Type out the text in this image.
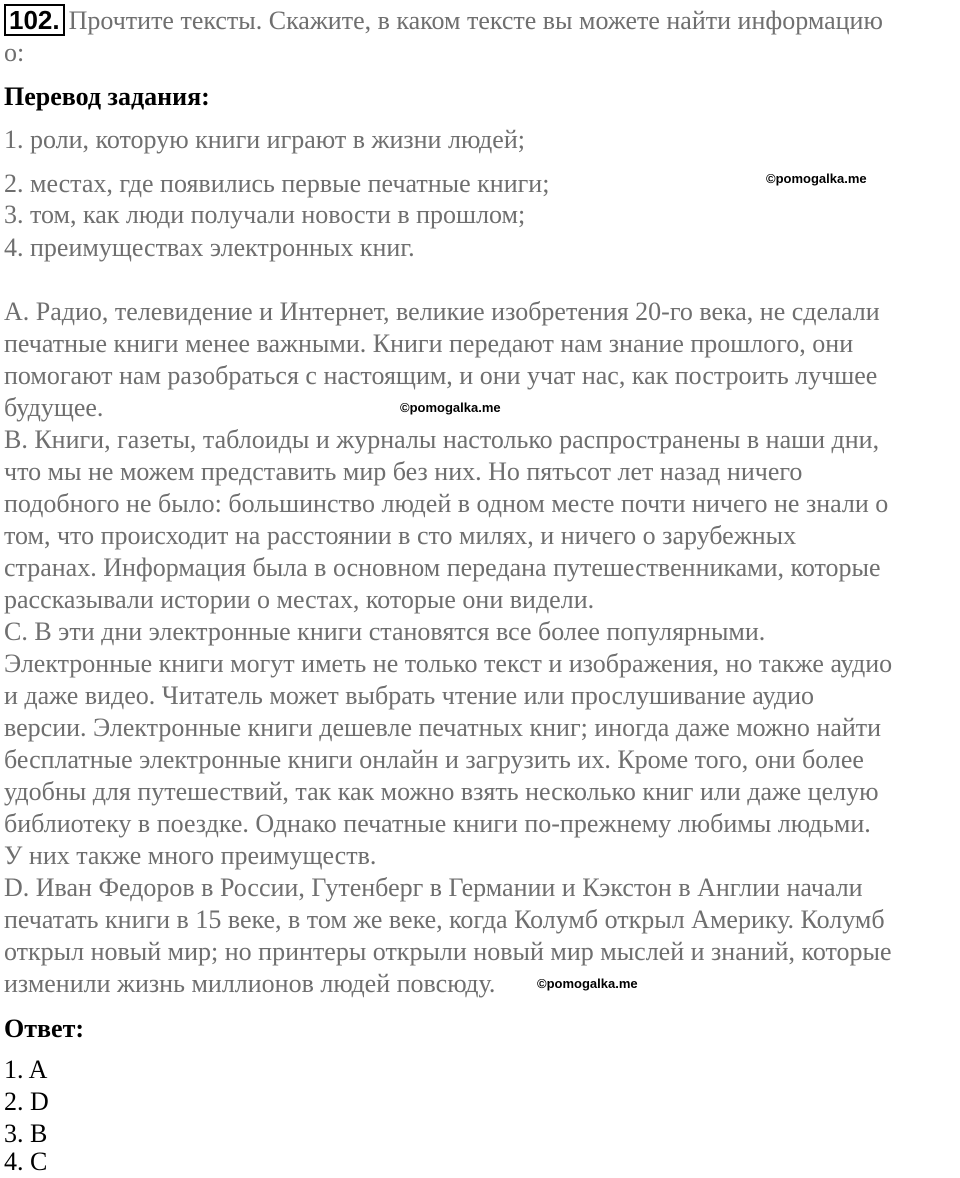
102. Прочтите тексты. Скажите, в каком тексте вы можете найти информацию
о:
Перевод задания:
1. роли, которую книги играют в жизни людей;
2. местах, где появились первые печатные книги;
3. том, как люди получали новости в прошлом;
4. преимуществах электронных книг.
©pomogalka.me
А. Радио, телевидение и Интернет, великие изобретения 20-го века, не сделали
печатные книги менее важными. Книги передают нам знание прошлого, они
помогают нам разобраться с настоящим, и они учат нас, как построить лучшее
будущее.	©pomogalka.me
B. Книги, газеты, таблоиды и журналы настолько распространены в наши дни,
что мы не можем представить мир без них. Но пятьсот лет назад ничего
подобного не было: большинство людей в одном месте почти ничего не знали о
том, что происходит на расстоянии в сто милях, и ничего о зарубежных
странах. Информация была в основном передана путешественниками, которые
рассказывали истории о местах, которые они видели.
C. В эти дни электронные книги становятся все более популярными.
Электронные книги могут иметь не только текст и изображения, но также аудио
и даже видео. Читатель может выбрать чтение или прослушивание аудио
версии. Электронные книги дешевле печатных книг; иногда даже можно найти
бесплатные электронные книги онлайн и загрузить их. Кроме того, они более
удобны для путешествий, так как можно взять несколько книг или даже целую
библиотеку в поездке. Однако печатные книги по-прежнему любимы людьми.
У них также много преимуществ.
D. Иван Федоров в России, Гутенберг в Германии и Кэкстон в Англии начали
печатать книги в 15 веке, в том же веке, когда Колумб открыл Америку. Колумб
открыл новый мир; но принтеры открыли новый мир мыслей и знаний, которые
изменили жизнь миллионов людей повсюду.	©pomogalka.me
Ответ:
1. A
2. D
3. B
4. C
